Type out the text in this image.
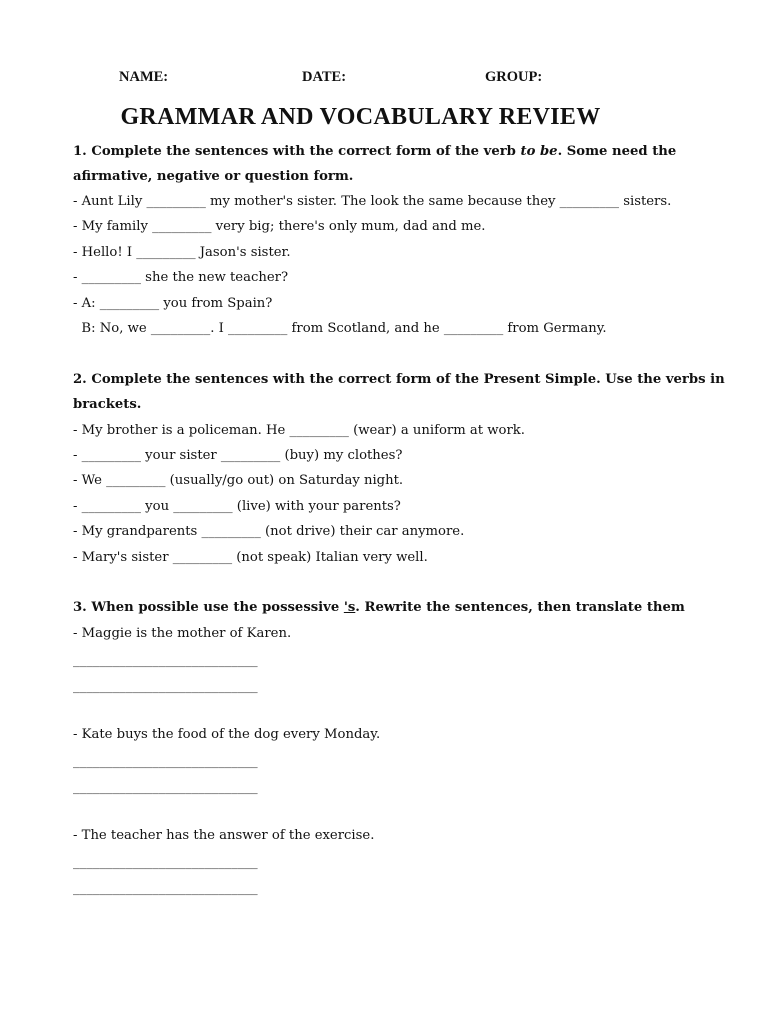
NAME:	DATE:	GROUP:
GRAMMAR AND VOCABULARY REVIEW
1. Complete the sentences with the correct form of the verb to be. Some need the
afirmative, negative or question form.
- Aunt Lily _________ my mother's sister. The look the same because they _________ sisters.
- My family _________ very big; there's only mum, dad and me.
- Hello! I _________ Jason's sister.
- _________ she the new teacher?
- A: _________ you from Spain?
B: No, we _________. I _________ from Scotland, and he _________ from Germany.
2. Complete the sentences with the correct form of the Present Simple. Use the verbs in
brackets.
- My brother is a policeman. He _________ (wear) a uniform at work.
- _________ your sister _________ (buy) my clothes?
- We _________ (usually/go out) on Saturday night.
- _________ you _________ (live) with your parents?
- My grandparents _________ (not drive) their car anymore.
- Mary's sister _________ (not speak) Italian very well.
3. When possible use the possessive 's. Rewrite the sentences, then translate them
- Maggie is the mother of Karen.
____________________________
____________________________
- Kate buys the food of the dog every Monday.
____________________________
____________________________
- The teacher has the answer of the exercise.
____________________________
____________________________
